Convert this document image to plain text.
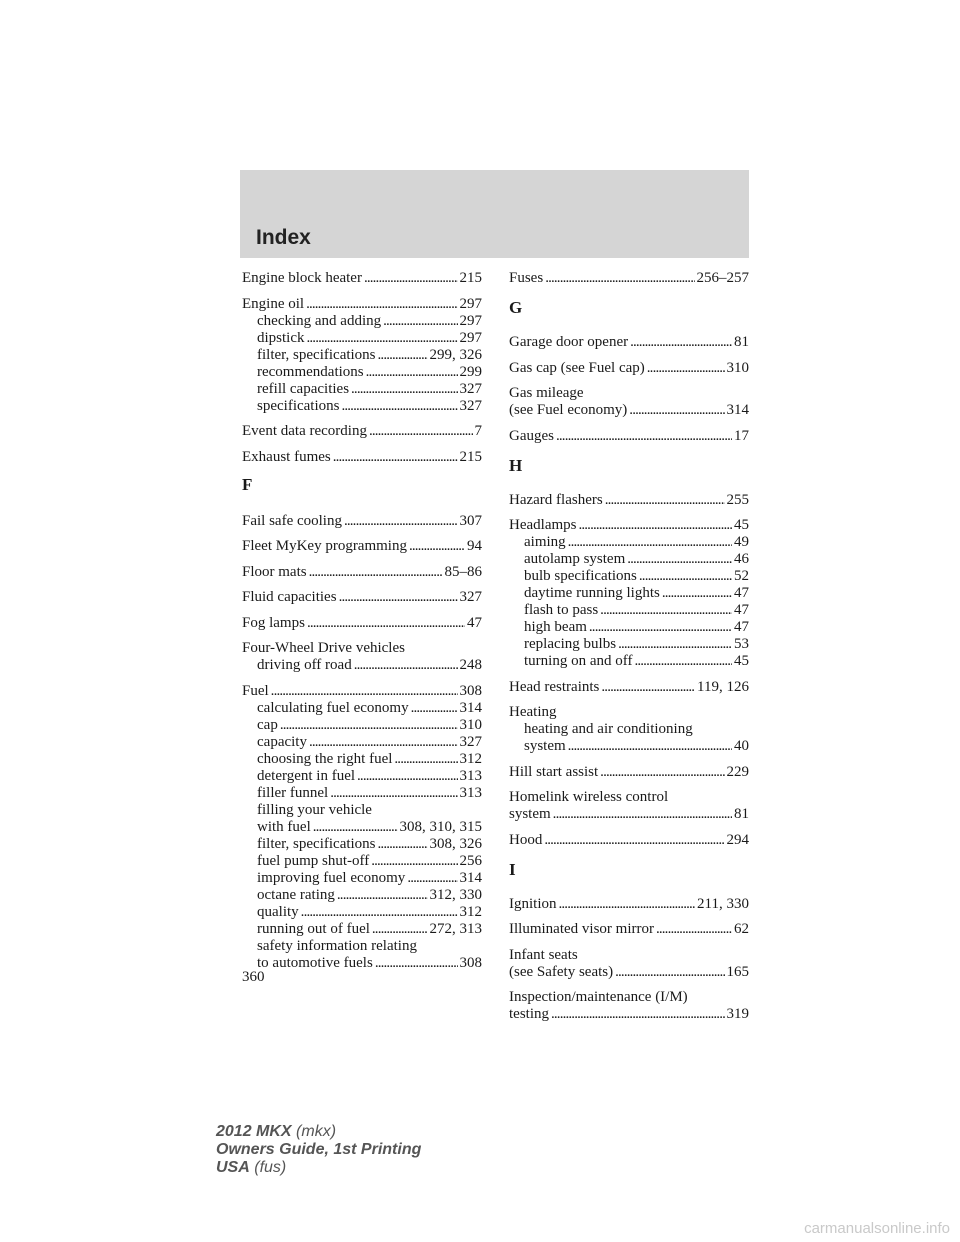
Index
Engine block heater . . .	215
Engine oil . . .	297
checking and adding . . .	297
dipstick . . .	297
filter, specifications . . .	299, 326
recommendations . . .	299
refill capacities . . .	327
specifications . . .	327
Event data recording . . .	7
Exhaust fumes . . .	215
F
Fail safe cooling . . .	307
Fleet MyKey programming . . .	94
Floor mats . . .	85–86
Fluid capacities . . .	327
Fog lamps . . .	47
Four-Wheel Drive vehicles
driving off road . . .	248
Fuel . . .	308
calculating fuel economy . . .	314
cap . . .	310
capacity . . .	327
choosing the right fuel . . .	312
detergent in fuel . . .	313
filler funnel . . .	313
filling your vehicle
with fuel . . .	308, 310, 315
filter, specifications . . .	308, 326
fuel pump shut-off . . .	256
improving fuel economy . . .	314
octane rating . . .	312, 330
quality . . .	312
running out of fuel . . .	272, 313
safety information relating
to automotive fuels . . .	308
Fuses . . .	256–257
G
Garage door opener . . .	81
Gas cap (see Fuel cap) . . .	310
Gas mileage
(see Fuel economy) . . .	314
Gauges . . .	17
H
Hazard flashers . . .	255
Headlamps . . .	45
aiming . . .	49
autolamp system . . .	46
bulb specifications . . .	52
daytime running lights . . .	47
flash to pass . . .	47
high beam . . .	47
replacing bulbs . . .	53
turning on and off . . .	45
Head restraints . . .	119, 126
Heating
heating and air conditioning
system . . .	40
Hill start assist . . .	229
Homelink wireless control
system . . .	81
Hood . . .	294
I
Ignition . . .	211, 330
Illuminated visor mirror . . .	62
Infant seats
(see Safety seats) . . .	165
Inspection/maintenance (I/M)
testing . . .	319
360
2012 MKX (mkx)
Owners Guide, 1st Printing
USA (fus)
carmanualsonline.info
